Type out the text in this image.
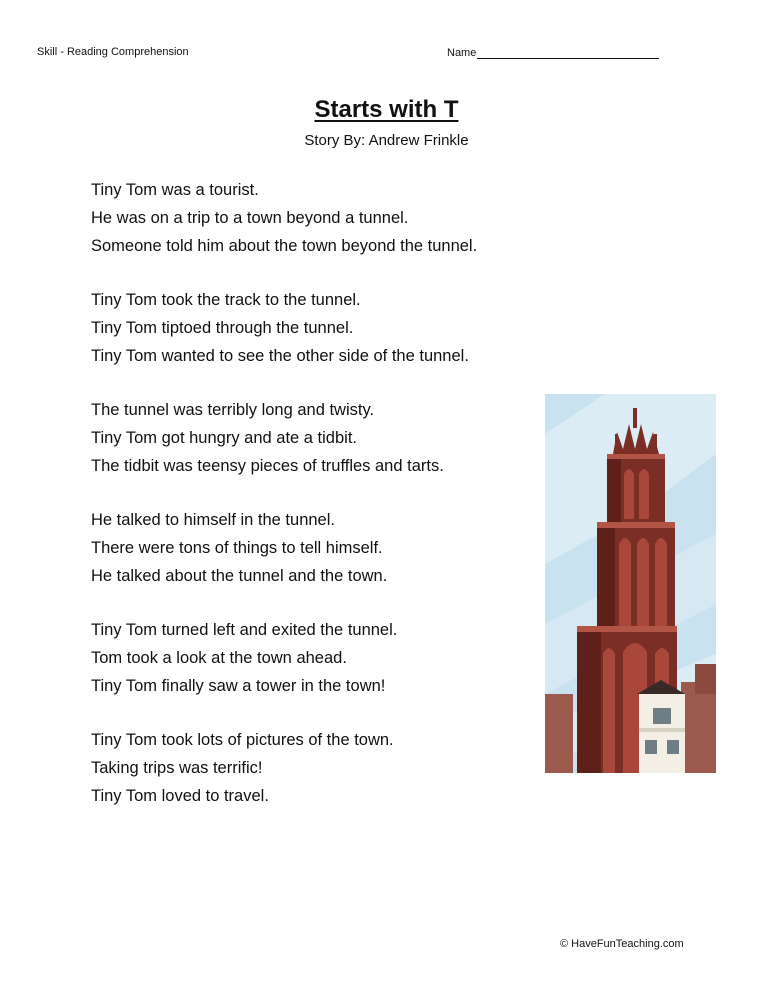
Skill - Reading Comprehension	Name
Starts with T
Story By: Andrew Frinkle
Tiny Tom was a tourist.
He was on a trip to a town beyond a tunnel.
Someone told him about the town beyond the tunnel.
Tiny Tom took the track to the tunnel.
Tiny Tom tiptoed through the tunnel.
Tiny Tom wanted to see the other side of the tunnel.
The tunnel was terribly long and twisty.
Tiny Tom got hungry and ate a tidbit.
The tidbit was teensy pieces of truffles and tarts.
He talked to himself in the tunnel.
There were tons of things to tell himself.
He talked about the tunnel and the town.
Tiny Tom turned left and exited the tunnel.
Tom took a look at the town ahead.
Tiny Tom finally saw a tower in the town!
Tiny Tom took lots of pictures of the town.
Taking trips was terrific!
Tiny Tom loved to travel.
© HaveFunTeaching.com
